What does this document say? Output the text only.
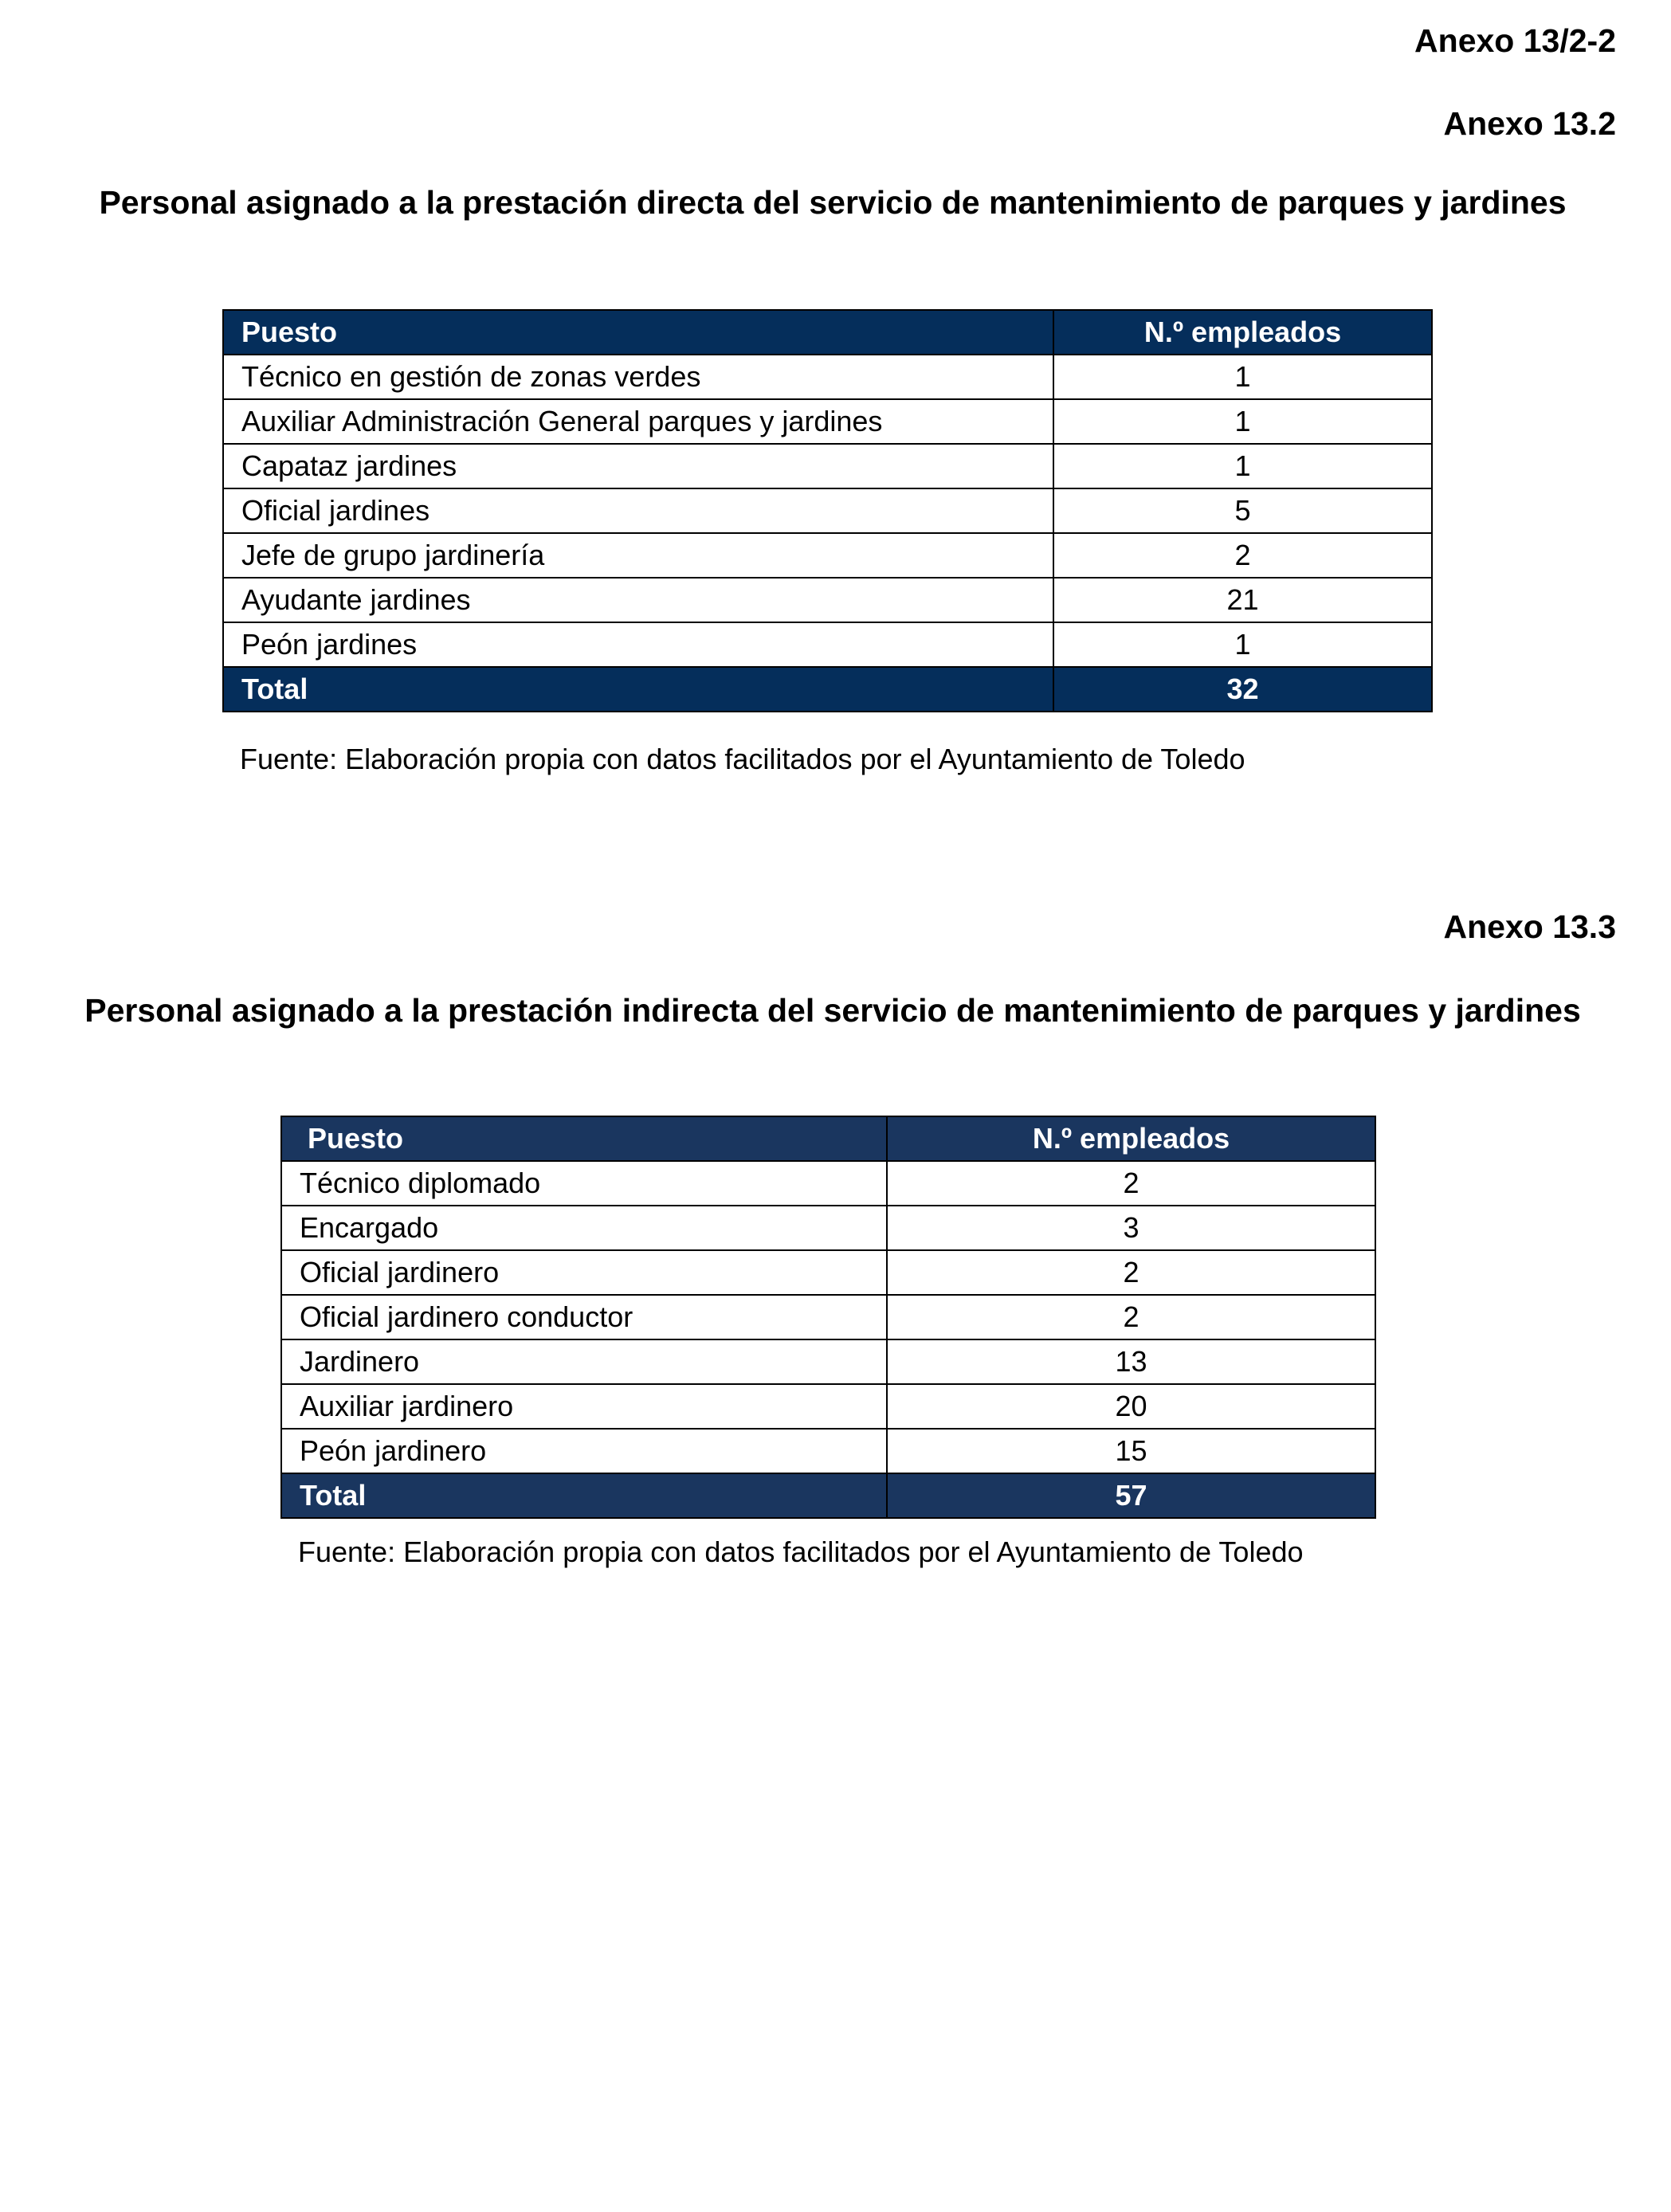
Anexo 13/2-2

Anexo 13.2

Personal asignado a la prestación directa del servicio de mantenimiento de parques y jardines
Puesto	N.º empleados
Técnico en gestión de zonas verdes	1
Auxiliar Administración General parques y jardines	1
Capataz jardines	1
Oficial jardines	5
Jefe de grupo jardinería	2
Ayudante jardines	21
Peón jardines	1
Total	32

Fuente: Elaboración propia con datos facilitados por el Ayuntamiento de Toledo

Anexo 13.3

Personal asignado a la prestación indirecta del servicio de mantenimiento de parques y jardines
Puesto	N.º empleados
Técnico diplomado	2
Encargado	3
Oficial jardinero	2
Oficial jardinero conductor	2
Jardinero	13
Auxiliar jardinero	20
Peón jardinero	15
Total	57

Fuente: Elaboración propia con datos facilitados por el Ayuntamiento de Toledo
